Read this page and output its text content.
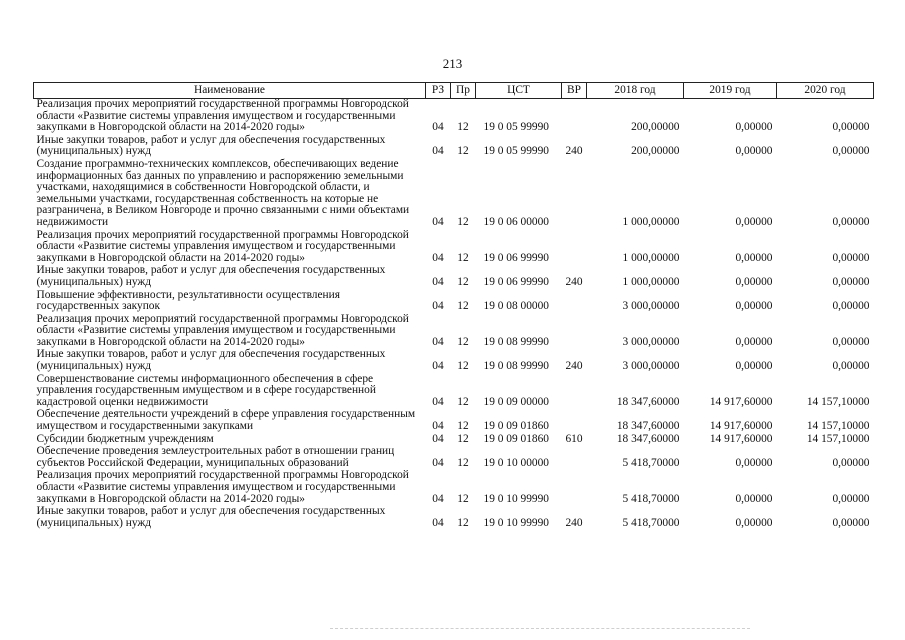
213
Наименование	РЗ	Пр	ЦСТ	ВР	2018 год	2019 год	2020 год
Реализация прочих мероприятий государственной программы Новгородской области «Развитие системы управления имуществом и государственными закупками в Новгородской области на 2014-2020 годы»	04	12	19 0 05 99990		200,00000	0,00000	0,00000
Иные закупки товаров, работ и услуг для обеспечения государственных (муниципальных) нужд	04	12	19 0 05 99990	240	200,00000	0,00000	0,00000
Создание программно-технических комплексов, обеспечивающих ведение информационных баз данных по управлению и распоряжению земельными участками, находящимися в собственности Новгородской области, и земельными участками, государственная собственность на которые не разграничена, в Великом Новгороде и прочно связанными с ними объектами недвижимости	04	12	19 0 06 00000		1 000,00000	0,00000	0,00000
Реализация прочих мероприятий государственной программы Новгородской области «Развитие системы управления имуществом и государственными закупками в Новгородской области на 2014-2020 годы»	04	12	19 0 06 99990		1 000,00000	0,00000	0,00000
Иные закупки товаров, работ и услуг для обеспечения государственных (муниципальных) нужд	04	12	19 0 06 99990	240	1 000,00000	0,00000	0,00000
Повышение эффективности, результативности осуществления государственных закупок	04	12	19 0 08 00000		3 000,00000	0,00000	0,00000
Реализация прочих мероприятий государственной программы Новгородской области «Развитие системы управления имуществом и государственными закупками в Новгородской области на 2014-2020 годы»	04	12	19 0 08 99990		3 000,00000	0,00000	0,00000
Иные закупки товаров, работ и услуг для обеспечения государственных (муниципальных) нужд	04	12	19 0 08 99990	240	3 000,00000	0,00000	0,00000
Совершенствование системы информационного обеспечения в сфере управления государственным имуществом и в сфере государственной кадастровой оценки недвижимости	04	12	19 0 09 00000		18 347,60000	14 917,60000	14 157,10000
Обеспечение деятельности учреждений в сфере управления государственным имуществом и государственными закупками	04	12	19 0 09 01860		18 347,60000	14 917,60000	14 157,10000
Субсидии бюджетным учреждениям	04	12	19 0 09 01860	610	18 347,60000	14 917,60000	14 157,10000
Обеспечение проведения землеустроительных работ в отношении границ субъектов Российской Федерации, муниципальных образований	04	12	19 0 10 00000		5 418,70000	0,00000	0,00000
Реализация прочих мероприятий государственной программы Новгородской области «Развитие системы управления имуществом и государственными закупками в Новгородской области на 2014-2020 годы»	04	12	19 0 10 99990		5 418,70000	0,00000	0,00000
Иные закупки товаров, работ и услуг для обеспечения государственных (муниципальных) нужд	04	12	19 0 10 99990	240	5 418,70000	0,00000	0,00000
